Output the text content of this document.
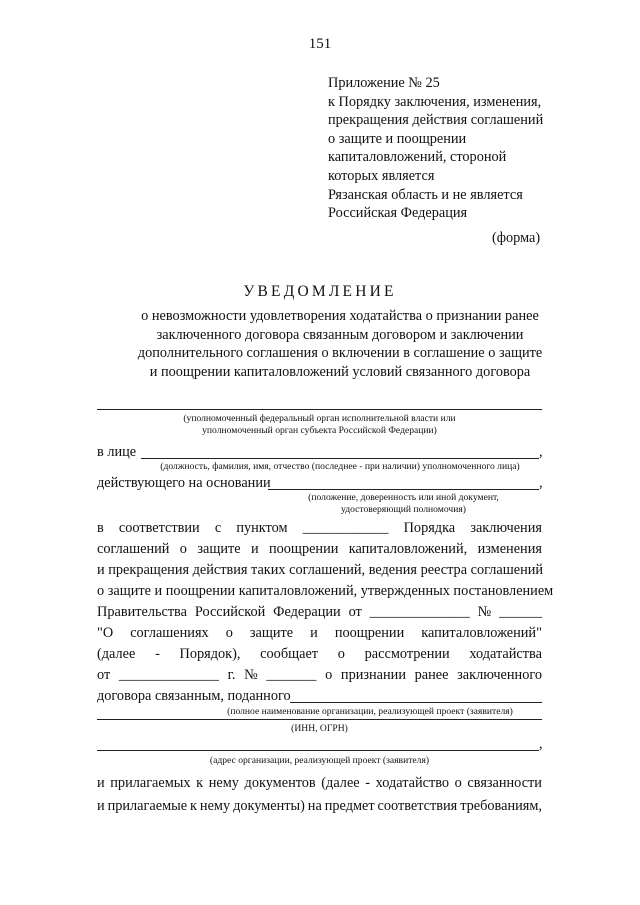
151
Приложение № 25
к Порядку заключения, изменения,
прекращения действия соглашений
о защите и поощрении
капиталовложений, стороной
которых является
Рязанская область и не является
Российская Федерация
(форма)
УВЕДОМЛЕНИЕ
о невозможности удовлетворения ходатайства о признании ранее
заключенного договора связанным договором и заключении
дополнительного соглашения о включении в соглашение о защите
и поощрении капиталовложений условий связанного договора
(уполномоченный федеральный орган исполнительной власти или
уполномоченный орган субъекта Российской Федерации)
в лице	,
(должность, фамилия, имя, отчество (последнее - при наличии) уполномоченного лица)
действующего на основании	,
(положение, доверенность или иной документ,
удостоверяющий полномочия)
в соответствии с пунктом ____________ Порядка заключения
соглашений о защите и поощрении капиталовложений, изменения
и прекращения действия таких соглашений, ведения реестра соглашений
о защите и поощрении капиталовложений, утвержденных постановлением
Правительства Российской Федерации от ______________ № ______
"О соглашениях о защите и поощрении капиталовложений"
(далее - Порядок), сообщает о рассмотрении ходатайства
от ______________ г. № _______ о признании ранее заключенного
договора связанным, поданного
(полное наименование организации, реализующей проект (заявителя)
(ИНН, ОГРН)
,
(адрес организации, реализующей проект (заявителя)
и прилагаемых к нему документов (далее - ходатайство о связанности
и прилагаемые к нему документы) на предмет соответствия требованиям,
